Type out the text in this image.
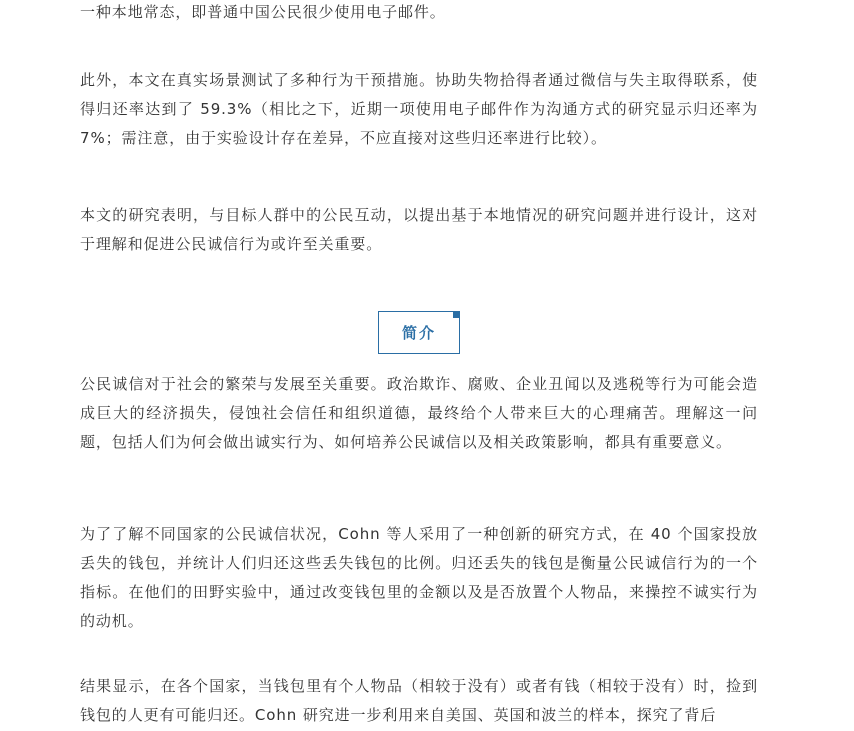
一种本地常态，即普通中国公民很少使用电子邮件。

此外，本文在真实场景测试了多种行为干预措施。协助失物拾得者通过微信与失主取得联系，使得归还率达到了 59.3%（相比之下，近期一项使用电子邮件作为沟通方式的研究显示归还率为 7%；需注意，由于实验设计存在差异，不应直接对这些归还率进行比较）。

本文的研究表明，与目标人群中的公民互动，以提出基于本地情况的研究问题并进行设计，这对于理解和促进公民诚信行为或许至关重要。

简介

公民诚信对于社会的繁荣与发展至关重要。政治欺诈、腐败、企业丑闻以及逃税等行为可能会造成巨大的经济损失，侵蚀社会信任和组织道德，最终给个人带来巨大的心理痛苦。理解这一问题，包括人们为何会做出诚实行为、如何培养公民诚信以及相关政策影响，都具有重要意义。

为了了解不同国家的公民诚信状况，Cohn 等人采用了一种创新的研究方式，在 40 个国家投放丢失的钱包，并统计人们归还这些丢失钱包的比例。归还丢失的钱包是衡量公民诚信行为的一个指标。在他们的田野实验中，通过改变钱包里的金额以及是否放置个人物品，来操控不诚实行为的动机。

结果显示，在各个国家，当钱包里有个人物品（相较于没有）或者有钱（相较于没有）时，捡到钱包的人更有可能归还。Cohn 研究进一步利用来自美国、英国和波兰的样本，探究了背后
